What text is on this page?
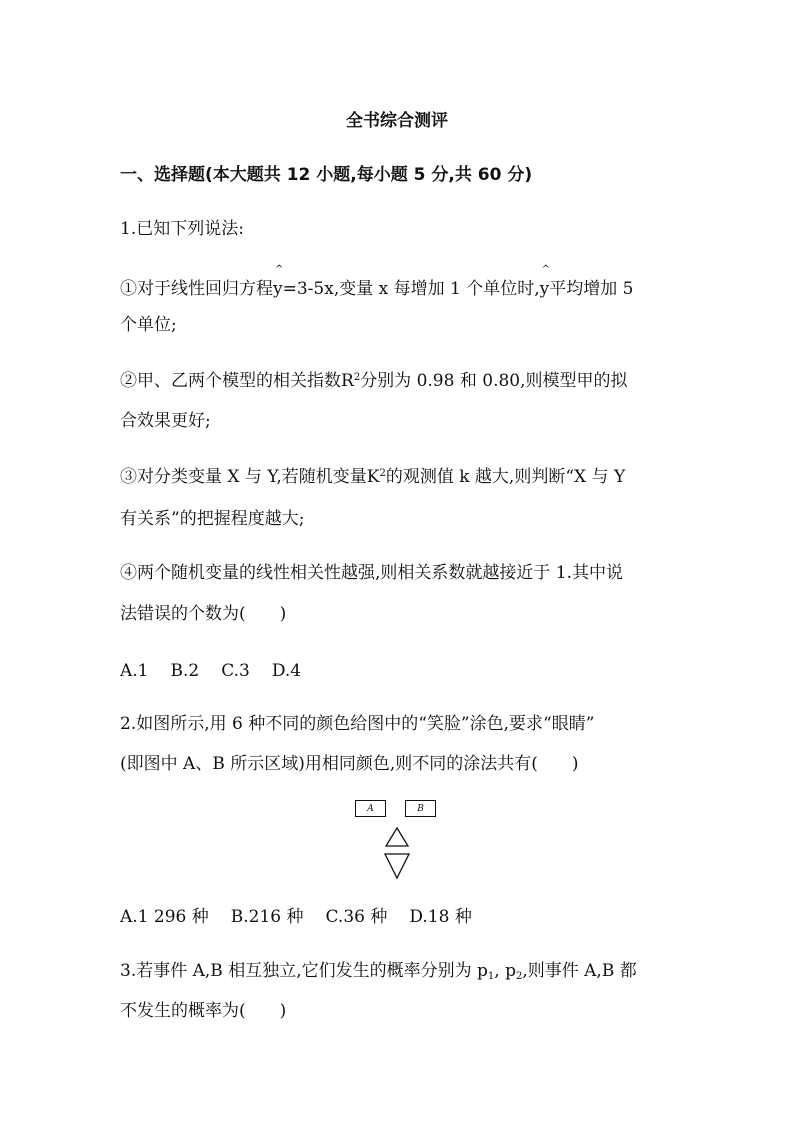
全书综合测评
一、选择题(本大题共 12 小题,每小题 5 分,共 60 分)
1.已知下列说法:
①对于线性回归方程^ y=3-5x,变量 x 每增加 1 个单位时,^ y平均增加 5
个单位;
②甲、乙两个模型的相关指数$R^2$分别为 0.98 和 0.80,则模型甲的拟
合效果更好;
③对分类变量 X 与 Y,若随机变量$K^2$的观测值 k 越大,则判断“X 与 Y
有关系”的把握程度越大;
④两个随机变量的线性相关性越强,则相关系数就越接近于 1.其中说
法错误的个数为(　　)
A.1 B.2 C.3 D.4
2.如图所示,用 6 种不同的颜色给图中的“笑脸”涂色,要求“眼睛”
(即图中 A、B 所示区域)用相同颜色,则不同的涂法共有(　　)
A	B
A.1 296 种 B.216 种 C.36 种 D.18 种
3.若事件 A,B 相互独立,它们发生的概率分别为 $p_1$, $p_2$,则事件 A,B 都
不发生的概率为(　　)
